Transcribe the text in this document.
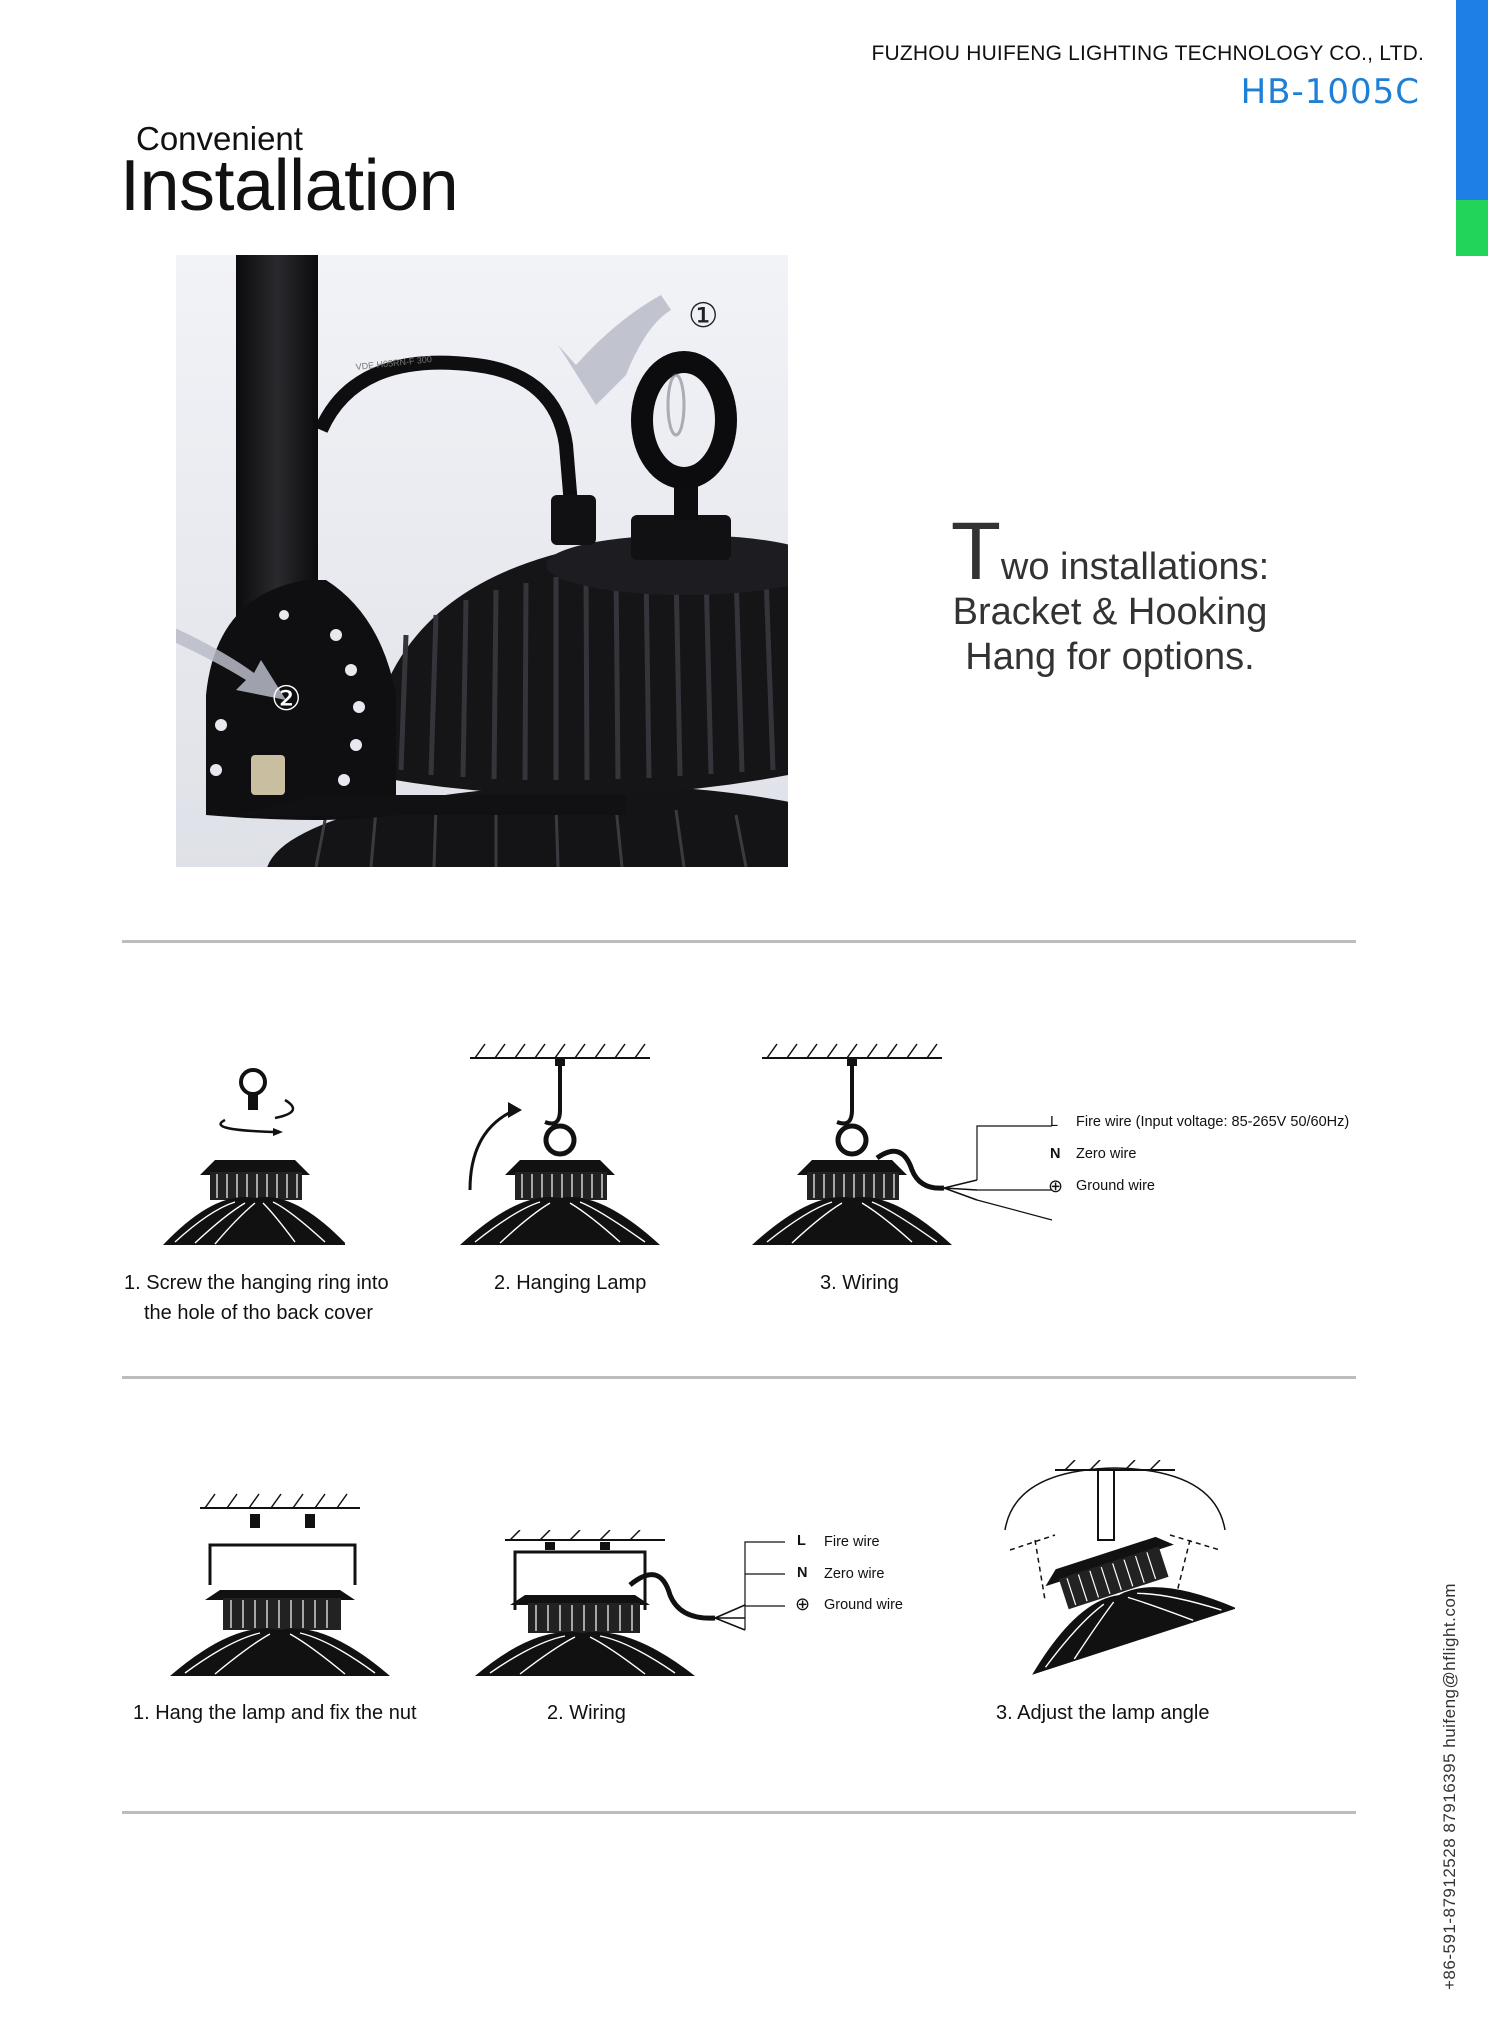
FUZHOU HUIFENG LIGHTING TECHNOLOGY CO., LTD.
HB-1005C
Convenient
Installation
VDE H05RN-F 300
①
②
Two installations:
Bracket & Hooking
Hang for options.
L Fire wire (Input voltage: 85-265V 50/60Hz)
N Zero wire
⊕ Ground wire
1. Screw the hanging ring into
the hole of tho back cover
2. Hanging Lamp	3. Wiring
L Fire wire
N Zero wire
⊕ Ground wire
1. Hang the lamp and fix the nut	2. Wiring	3. Adjust the lamp angle	+86-591-87912528 87916395 huifeng@hflight.com
